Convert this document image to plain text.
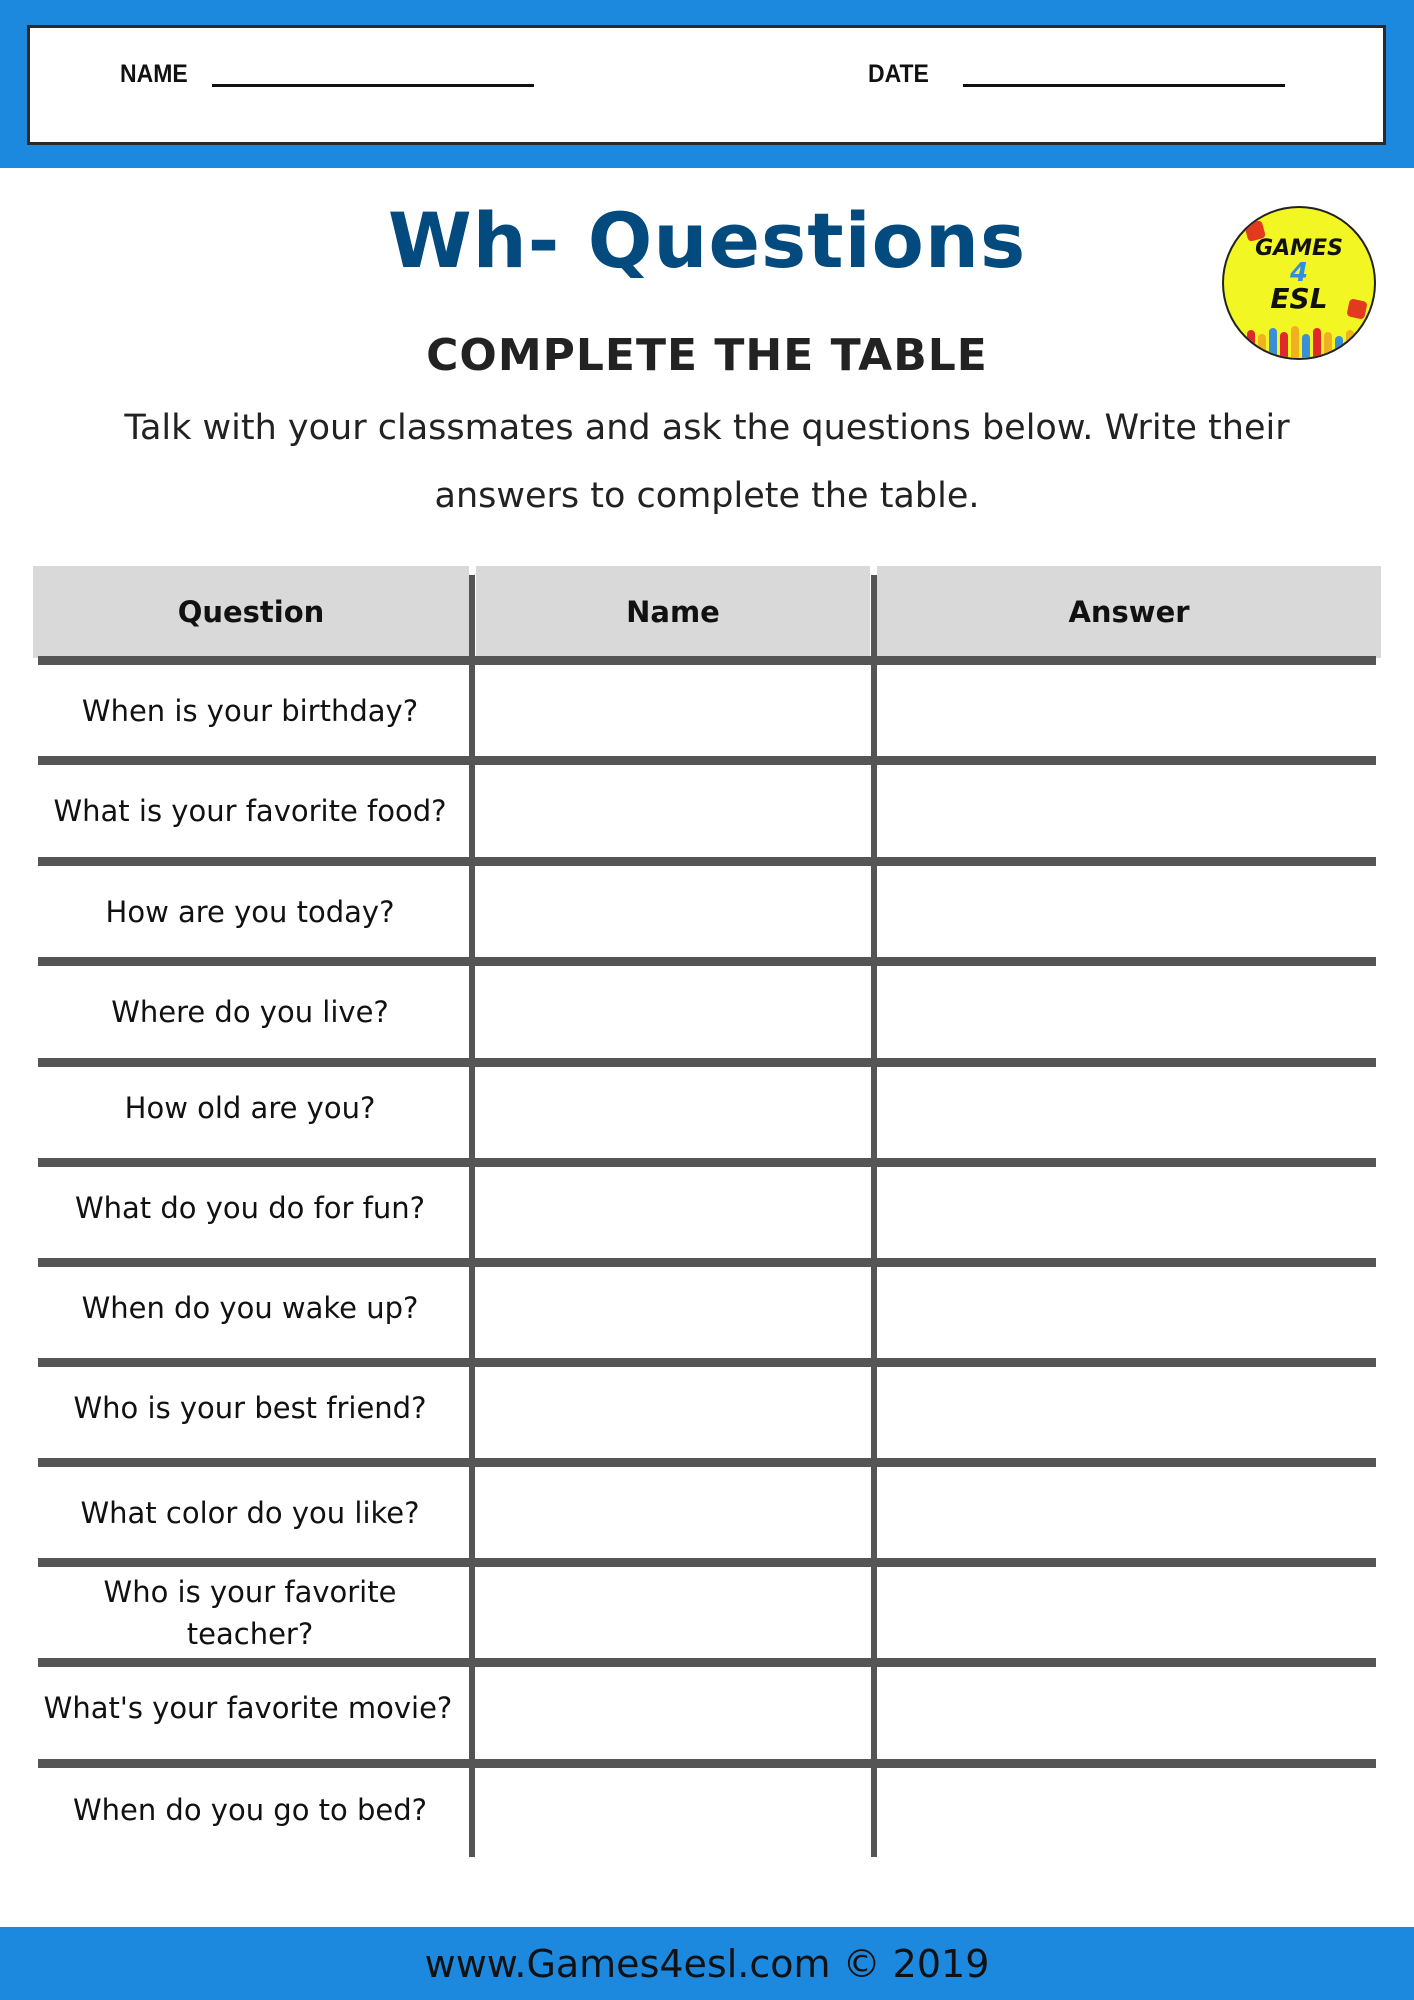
NAME	DATE
Wh- Questions	GAMES
4
ESL
COMPLETE THE TABLE
Talk with your classmates and ask the questions below. Write their answers to complete the table.
Question	Name	Answer
When is your birthday?
What is your favorite food?
How are you today?
Where do you live?
How old are you?
What do you do for fun?
When do you wake up?
Who is your best friend?
What color do you like?
Who is your favorite teacher?
What's your favorite movie?
When do you go to bed?
www.Games4esl.com © 2019
